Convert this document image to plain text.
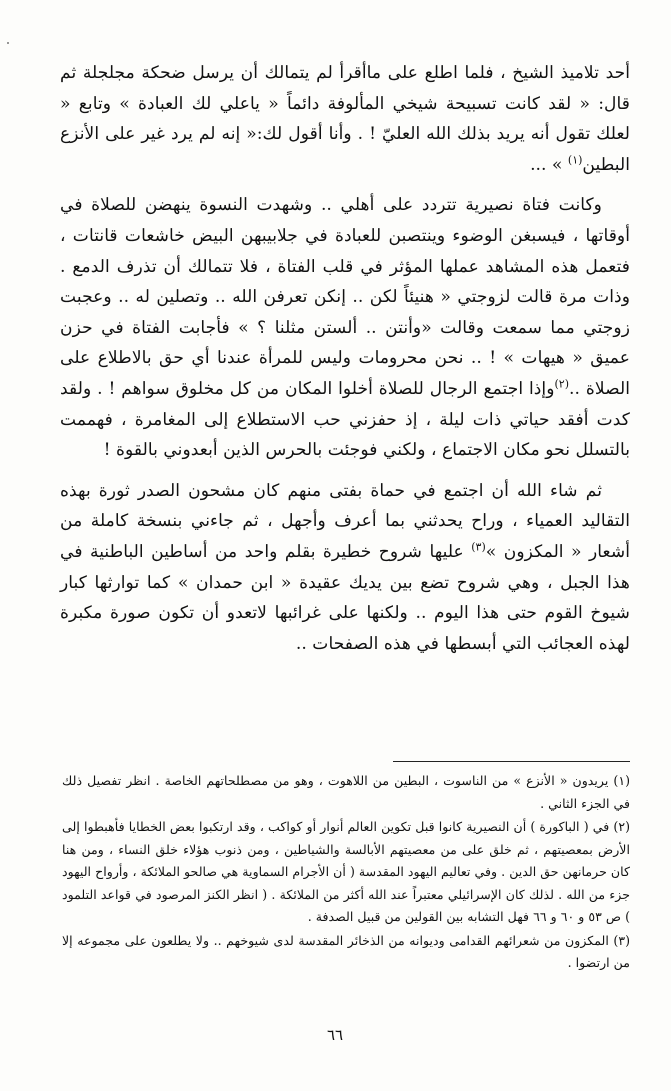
أحد تلاميذ الشيخ ، فلما اطلع على ماأقرأ لم يتمالك أن يرسل ضحكة مجلجلة ثم قال: « لقد كانت تسبيحة شيخي المألوفة دائماً « ياعلي لك العبادة » وتابع « لعلك تقول أنه يريد بذلك الله العليّ ! . وأنا أقول لك:« إنه لم يرد غير على الأنزع البطين$^{(١)}$ » ...

وكانت فتاة نصيرية تتردد على أهلي .. وشهدت النسوة ينهضن للصلاة في أوقاتها ، فيسبغن الوضوء وينتصبن للعبادة في جلابيبهن البيض خاشعات قانتات ، فتعمل هذه المشاهد عملها المؤثر في قلب الفتاة ، فلا تتمالك أن تذرف الدمع . وذات مرة قالت لزوجتي « هنيئاً لكن .. إنكن تعرفن الله .. وتصلين له .. وعجبت زوجتي مما سمعت وقالت «وأنتن .. ألستن مثلنا ؟ » فأجابت الفتاة في حزن عميق « هيهات » ! .. نحن محرومات وليس للمرأة عندنا أي حق بالاطلاع على الصلاة ..$^{(٢)}$وإذا اجتمع الرجال للصلاة أخلوا المكان من كل مخلوق سواهم ! . ولقد كدت أفقد حياتي ذات ليلة ، إذ حفزني حب الاستطلاع إلى المغامرة ، فهممت بالتسلل نحو مكان الاجتماع ، ولكني فوجئت بالحرس الذين أبعدوني بالقوة !

ثم شاء الله أن اجتمع في حماة بفتى منهم كان مشحون الصدر ثورة بهذه التقاليد العمياء ، وراح يحدثني بما أعرف وأجهل ، ثم جاءني بنسخة كاملة من أشعار « المكزون »$^{(٣)}$ عليها شروح خطيرة بقلم واحد من أساطين الباطنية في هذا الجبل ، وهي شروح تضع بين يديك عقيدة « ابن حمدان » كما توارثها كبار شيوخ القوم حتى هذا اليوم .. ولكنها على غرائبها لاتعدو أن تكون صورة مكبرة لهذه العجائب التي أبسطها في هذه الصفحات ..

(١) يريدون « الأنزع » من الناسوت ، البطين من اللاهوت ، وهو من مصطلحاتهم الخاصة . انظر تفصيل ذلك في الجزء الثاني .

(٢) في ( الباكورة ) أن النصيرية كانوا قبل تكوين العالم أنوار أو كواكب ، وقد ارتكبوا بعض الخطايا فأهبطوا إلى الأرض بمعصيتهم ، ثم خلق على من معصيتهم الأبالسة والشياطين ، ومن ذنوب هؤلاء خلق النساء ، ومن هنا كان حرمانهن حق الدين . وفي تعاليم اليهود المقدسة ( أن الأجرام السماوية هي صالحو الملائكة ، وأرواح اليهود جزء من الله . لذلك كان الإسرائيلي معتبراً عند الله أكثر من الملائكة . ( انظر الكنز المرصود في قواعد التلمود ) ص ٥٣ و ٦٠ و ٦٦ فهل التشابه بين القولين من قبيل الصدفة .

(٣) المكزون من شعرائهم القدامى وديوانه من الذخائر المقدسة لدى شيوخهم .. ولا يطلعون على مجموعه إلا من ارتضوا .

٦٦
